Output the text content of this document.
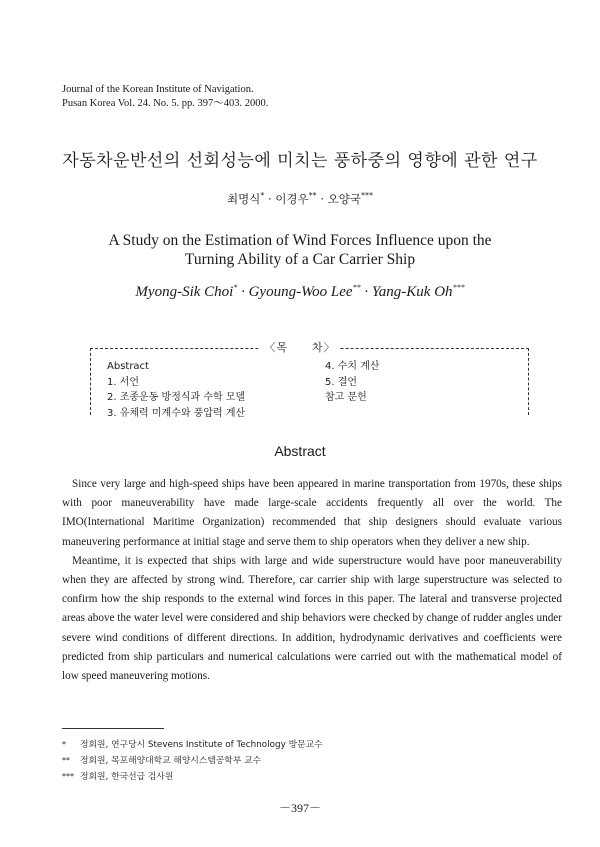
Journal of the Korean Institute of Navigation.
Pusan Korea Vol. 24. No. 5. pp. 397～403. 2000.
자동차운반선의 선회성능에 미치는 풍하중의 영향에 관한 연구
최명식* · 이경우** · 오양국***
A Study on the Estimation of Wind Forces Influence upon the
Turning Ability of a Car Carrier Ship
Myong-Sik Choi* · Gyoung-Woo Lee** · Yang-Kuk Oh***
Abstract
1. 서언
2. 조종운동 방정식과 수학 모델
3. 유체력 미계수와 풍압력 계산
4. 수치 계산
5. 결언
참고 문헌
〈목　　차〉
Abstract

Since very large and high-speed ships have been appeared in marine transportation from 1970s, these ships with poor maneuverability have made large-scale accidents frequently all over the world. The IMO(International Maritime Organization) recommended that ship designers should evaluate various maneuvering performance at initial stage and serve them to ship operators when they deliver a new ship.

Meantime, it is expected that ships with large and wide superstructure would have poor maneuverability when they are affected by strong wind. Therefore, car carrier ship with large superstructure was selected to confirm how the ship responds to the external wind forces in this paper. The lateral and transverse projected areas above the water level were considered and ship behaviors were checked by change of rudder angles under severe wind conditions of different directions. In addition, hydrodynamic derivatives and coefficients were predicted from ship particulars and numerical calculations were carried out with the mathematical model of low speed maneuvering motions.

* 정회원, 연구당시 Stevens Institute of Technology 방문교수
** 정회원, 목포해양대학교 해양시스템공학부 교수
*** 정회원, 한국선급 검사원
－397－
